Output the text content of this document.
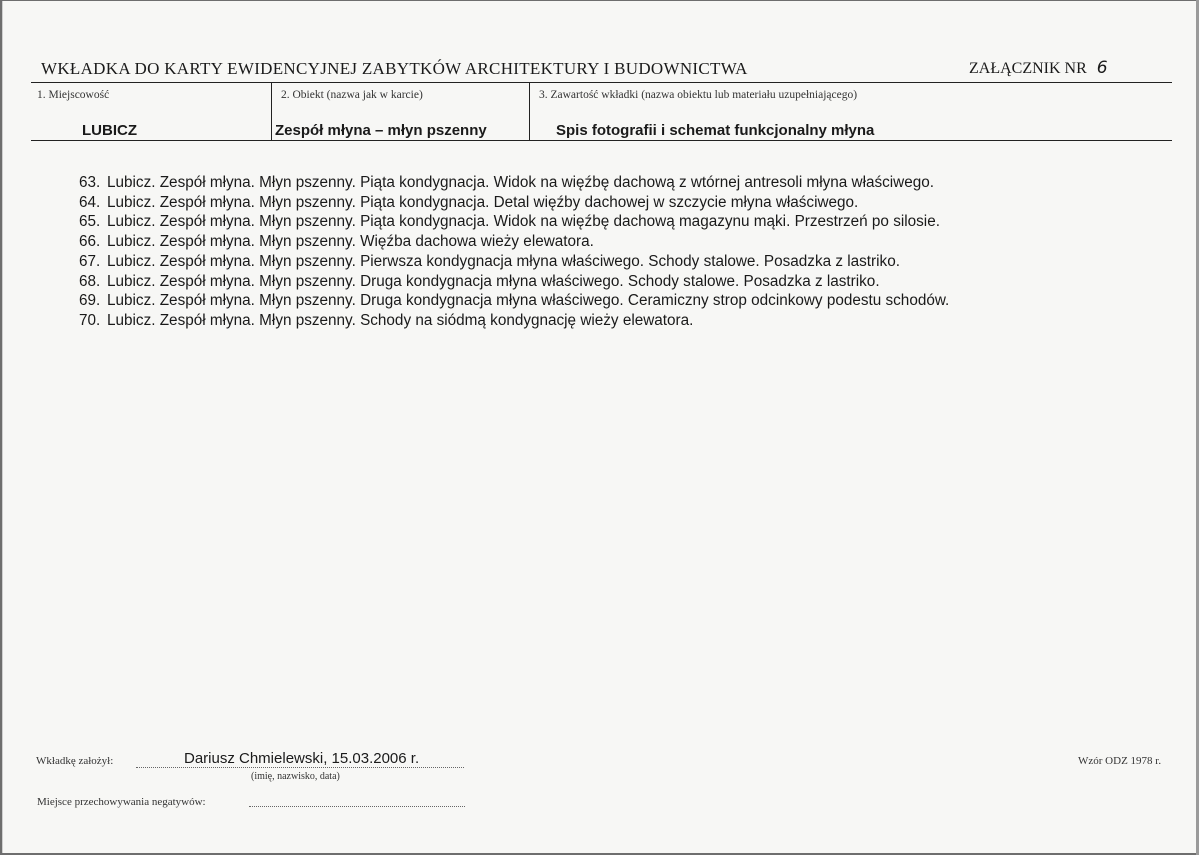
WKŁADKA DO KARTY EWIDENCYJNEJ ZABYTKÓW ARCHITEKTURY I BUDOWNICTWA	ZAŁĄCZNIK NR 6
1. Miejscowość	2. Obiekt (nazwa jak w karcie)	3. Zawartość wkładki (nazwa obiektu lub materiału uzupełniającego)
LUBICZ	Zespół młyna – młyn pszenny	Spis fotografii i schemat funkcjonalny młyna
63. Lubicz. Zespół młyna. Młyn pszenny. Piąta kondygnacja. Widok na więźbę dachową z wtórnej antresoli młyna właściwego.
64. Lubicz. Zespół młyna. Młyn pszenny. Piąta kondygnacja. Detal więźby dachowej w szczycie młyna właściwego.
65. Lubicz. Zespół młyna. Młyn pszenny. Piąta kondygnacja. Widok na więźbę dachową magazynu mąki. Przestrzeń po silosie.
66. Lubicz. Zespół młyna. Młyn pszenny. Więźba dachowa wieży elewatora.
67. Lubicz. Zespół młyna. Młyn pszenny. Pierwsza kondygnacja młyna właściwego. Schody stalowe. Posadzka z lastriko.
68. Lubicz. Zespół młyna. Młyn pszenny. Druga kondygnacja młyna właściwego. Schody stalowe. Posadzka z lastriko.
69. Lubicz. Zespół młyna. Młyn pszenny. Druga kondygnacja młyna właściwego. Ceramiczny strop odcinkowy podestu schodów.
70. Lubicz. Zespół młyna. Młyn pszenny. Schody na siódmą kondygnację wieży elewatora.
Wkładkę założył:	Dariusz Chmielewski, 15.03.2006 r.
(imię, nazwisko, data)
Miejsce przechowywania negatywów:
Wzór ODZ 1978 r.
